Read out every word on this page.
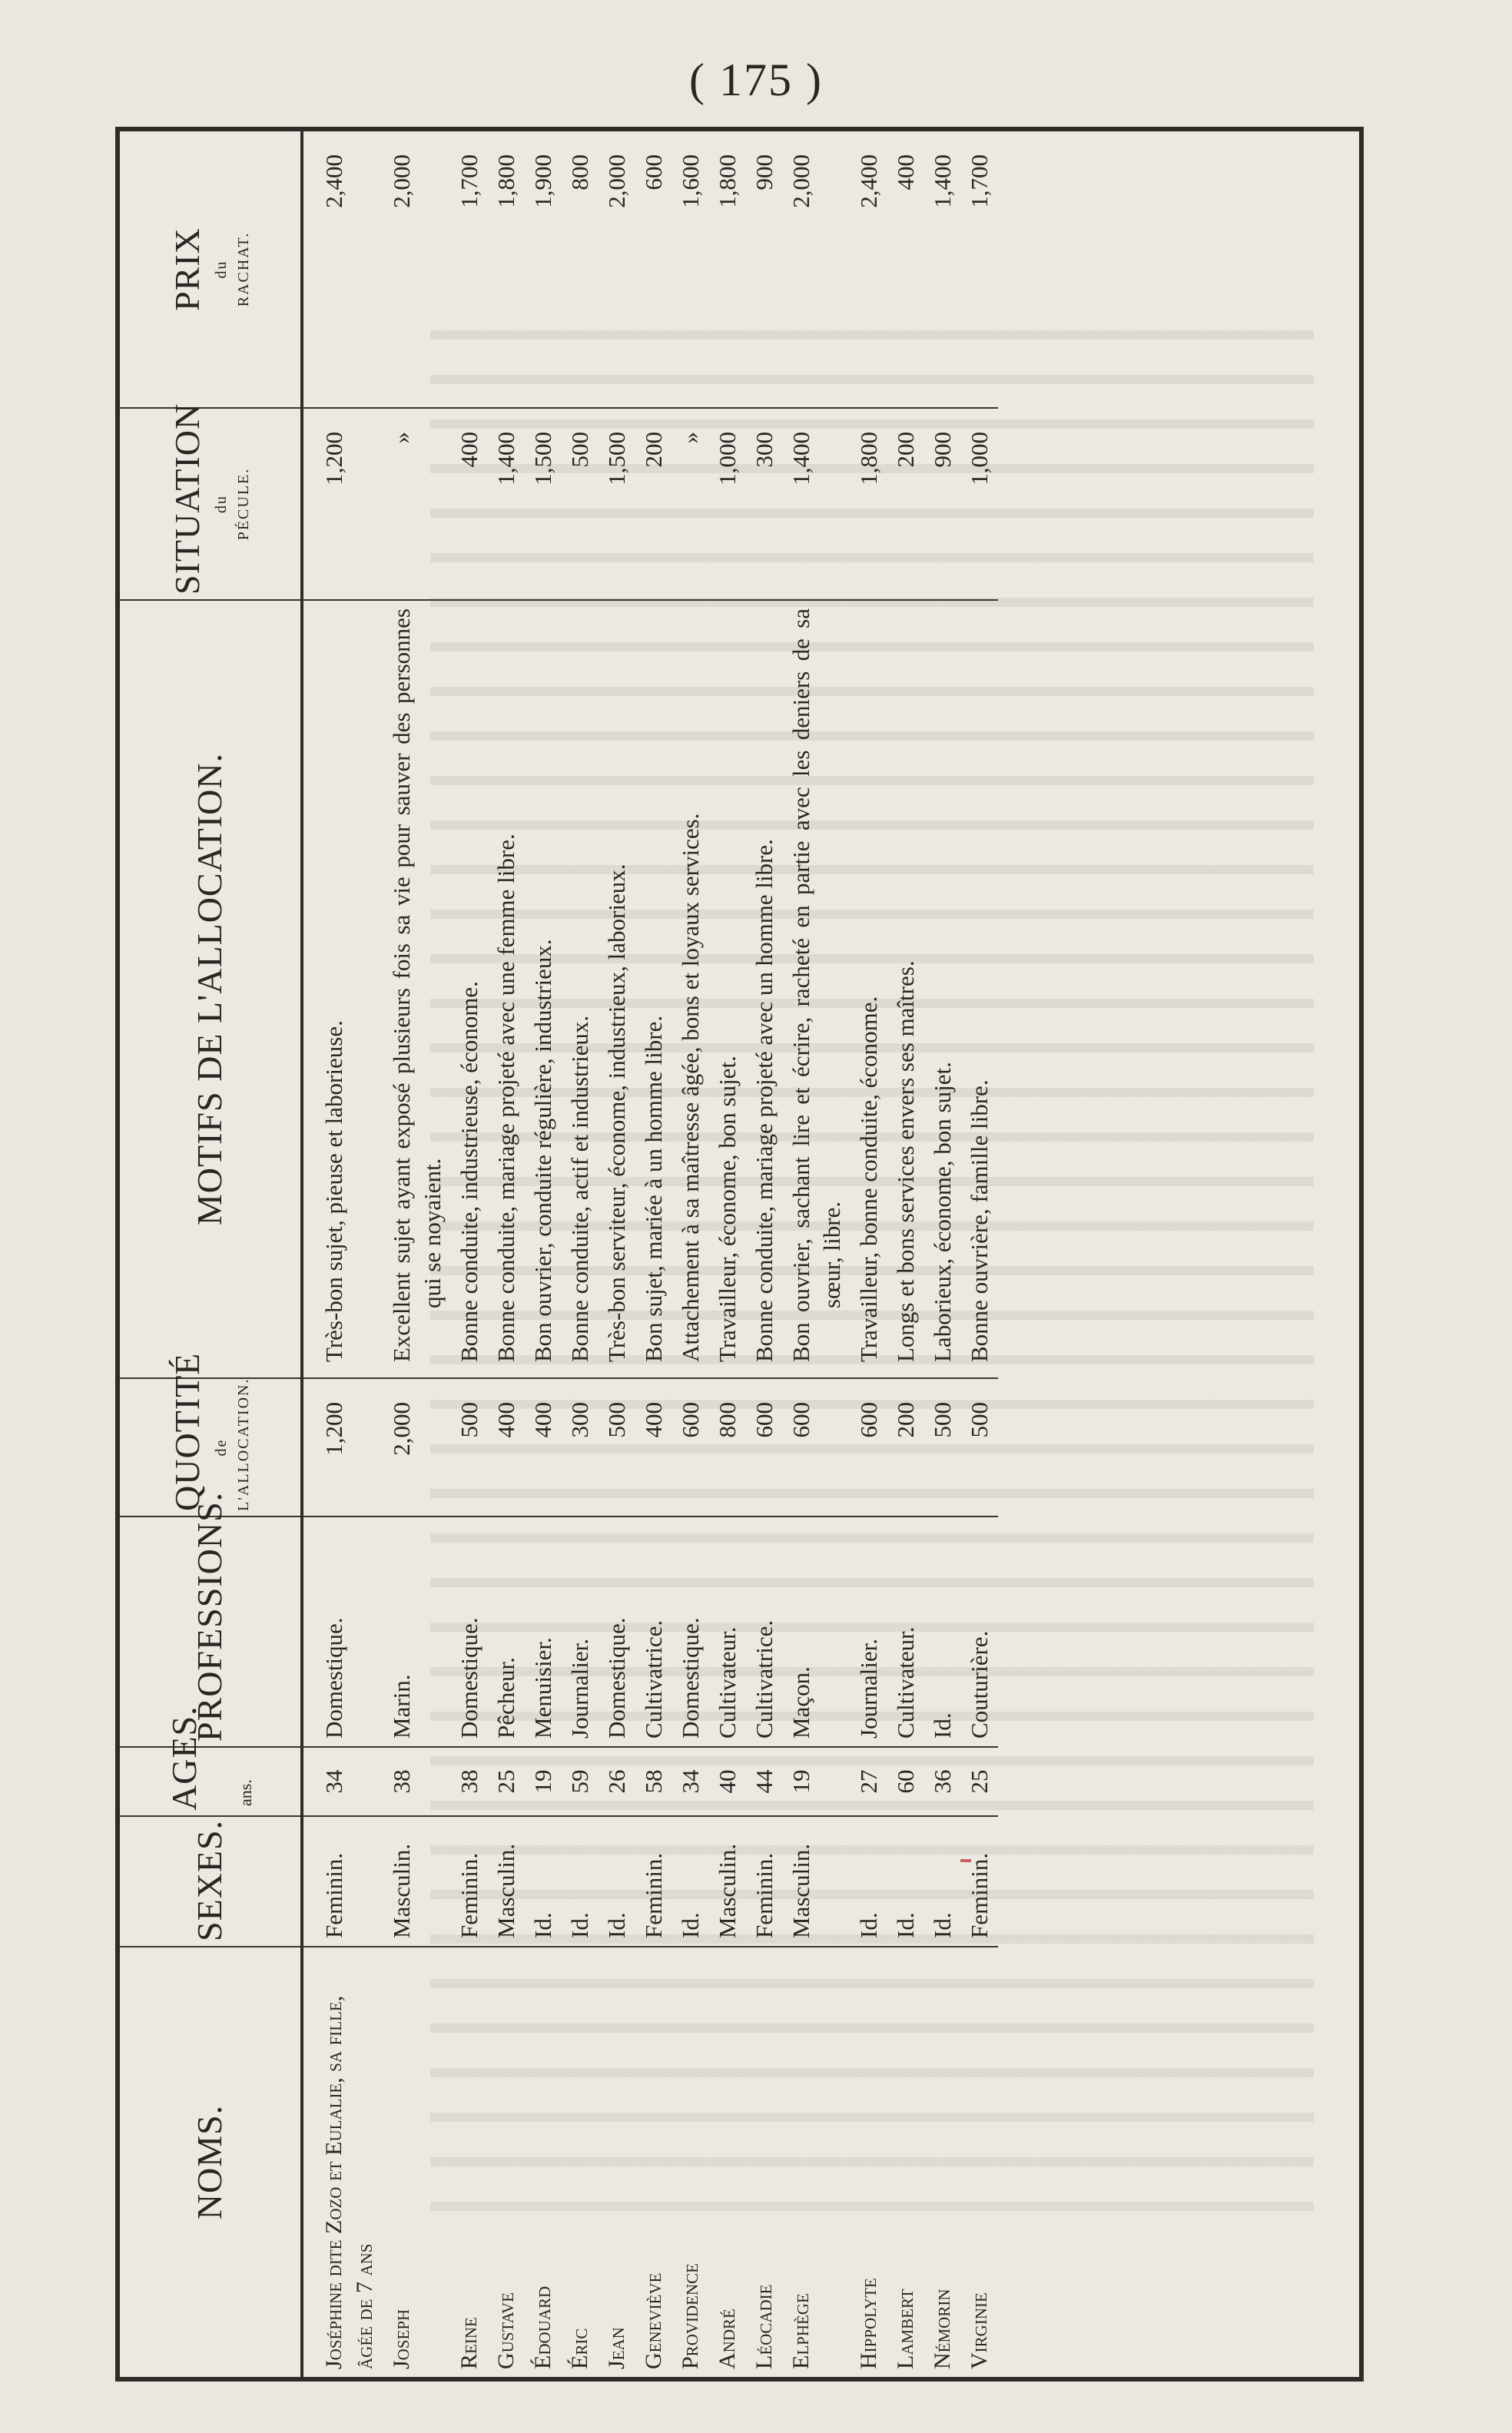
( 175 )
NOMS.	SEXES.	AGES. ans.	PROFESSIONS.	QUOTITÉ de L'ALLOCATION.	MOTIFS DE L'ALLOCATION.	SITUATION du PÉCULE.	PRIX du RACHAT.

Joséphine dite Zozo et Eulalie, sa fille, âgée de 7 ans	Feminin.	34	Domestique.	1,200	Très-bon sujet, pieuse et laborieuse.	1,200	2,400
Joseph	Masculin.	38	Marin.	2,000	Excellent sujet ayant exposé plusieurs fois sa vie pour sauver des personnes qui se noyaient.	»	2,000
Reine	Feminin.	38	Domestique.	500	Bonne conduite, industrieuse, économe.	400	1,700
Gustave	Masculin.	25	Pêcheur.	400	Bonne conduite, mariage projeté avec une femme libre.	1,400	1,800
Édouard	Id.	19	Menuisier.	400	Bon ouvrier, conduite régulière, industrieux.	1,500	1,900
Éric	Id.	59	Journalier.	300	Bonne conduite, actif et industrieux.	500	800
Jean	Id.	26	Domestique.	500	Très-bon serviteur, économe, industrieux, laborieux.	1,500	2,000
Geneviève	Feminin.	58	Cultivatrice.	400	Bon sujet, mariée à un homme libre.	200	600
Providence	Id.	34	Domestique.	600	Attachement à sa maîtresse âgée, bons et loyaux services.	»	1,600
André	Masculin.	40	Cultivateur.	800	Travailleur, économe, bon sujet.	1,000	1,800
Léocadie	Feminin.	44	Cultivatrice.	600	Bonne conduite, mariage projeté avec un homme libre.	300	900
Elphège	Masculin.	19	Maçon.	600	Bon ouvrier, sachant lire et écrire, racheté en partie avec les deniers de sa sœur, libre.	1,400	2,000
Hippolyte	Id.	27	Journalier.	600	Travailleur, bonne conduite, économe.	1,800	2,400
Lambert	Id.	60	Cultivateur.	200	Longs et bons services envers ses maîtres.	200	400
Némorin	Id.	36	Id.	500	Laborieux, économe, bon sujet.	900	1,400
Virginie	Feminin.	25	Couturière.	500	Bonne ouvrière, famille libre.	1,000	1,700
